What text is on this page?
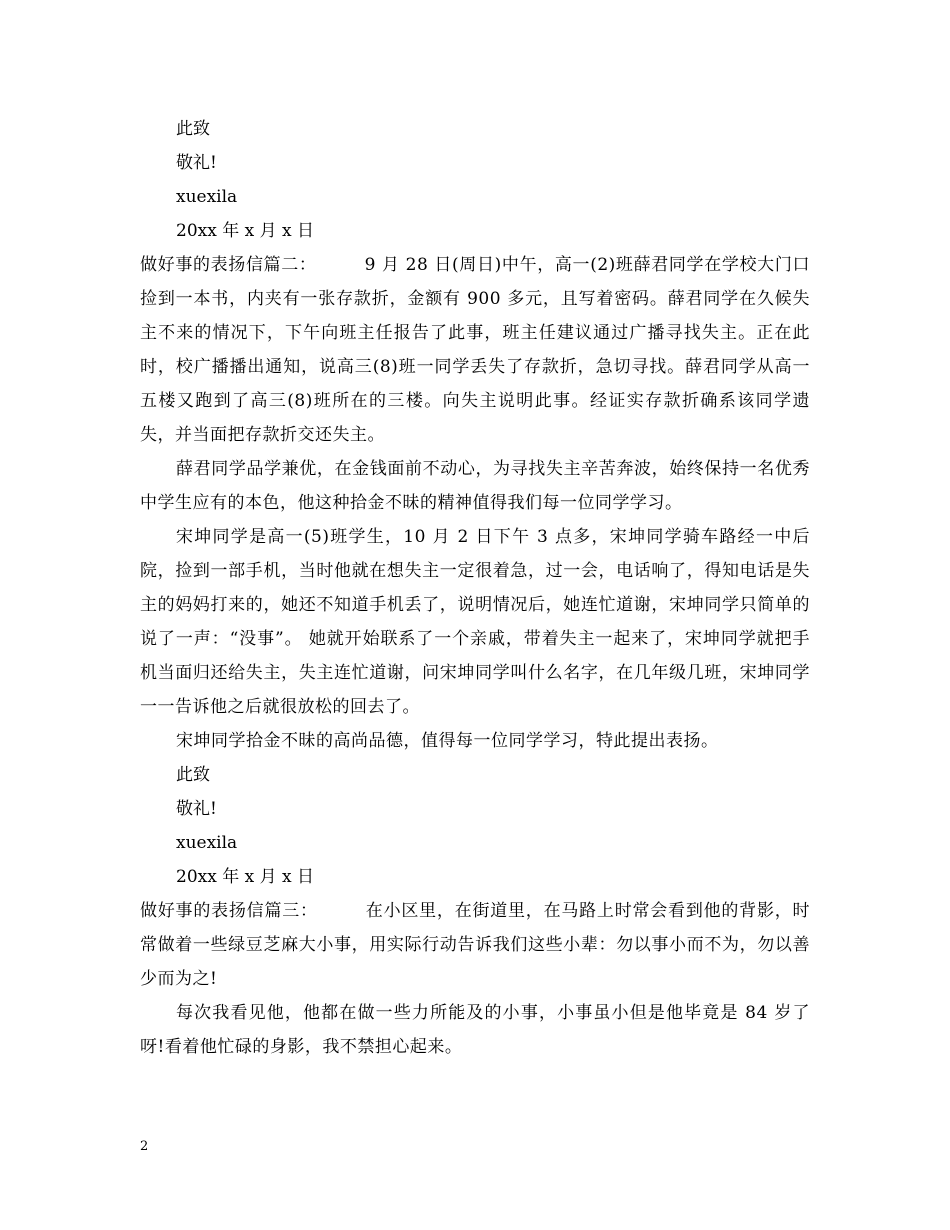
此致
敬礼!
xuexila
20xx 年 x 月 x 日
做好事的表扬信篇二：	9 月 28 日(周日)中午，高一(2)班薛君同学在学校大门口捡到一本书，内夹有一张存款折，金额有 900 多元，且写着密码。薛君同学在久候失主不来的情况下，下午向班主任报告了此事，班主任建议通过广播寻找失主。正在此时，校广播播出通知，说高三(8)班一同学丢失了存款折，急切寻找。薛君同学从高一五楼又跑到了高三(8)班所在的三楼。向失主说明此事。经证实存款折确系该同学遗失，并当面把存款折交还失主。
薛君同学品学兼优，在金钱面前不动心，为寻找失主辛苦奔波，始终保持一名优秀中学生应有的本色，他这种拾金不昧的精神值得我们每一位同学学习。
宋坤同学是高一(5)班学生，10 月 2 日下午 3 点多，宋坤同学骑车路经一中后院，捡到一部手机，当时他就在想失主一定很着急，过一会，电话响了，得知电话是失主的妈妈打来的，她还不知道手机丢了，说明情况后，她连忙道谢，宋坤同学只简单的说了一声：“没事”。 她就开始联系了一个亲戚，带着失主一起来了，宋坤同学就把手机当面归还给失主，失主连忙道谢，问宋坤同学叫什么名字，在几年级几班，宋坤同学一一告诉他之后就很放松的回去了。
宋坤同学拾金不昧的高尚品德，值得每一位同学学习，特此提出表扬。
此致
敬礼!
xuexila
20xx 年 x 月 x 日
做好事的表扬信篇三：	在小区里，在街道里，在马路上时常会看到他的背影，时常做着一些绿豆芝麻大小事，用实际行动告诉我们这些小辈：勿以事小而不为，勿以善少而为之!
每次我看见他，他都在做一些力所能及的小事，小事虽小但是他毕竟是 84 岁了呀!看着他忙碌的身影，我不禁担心起来。
2
